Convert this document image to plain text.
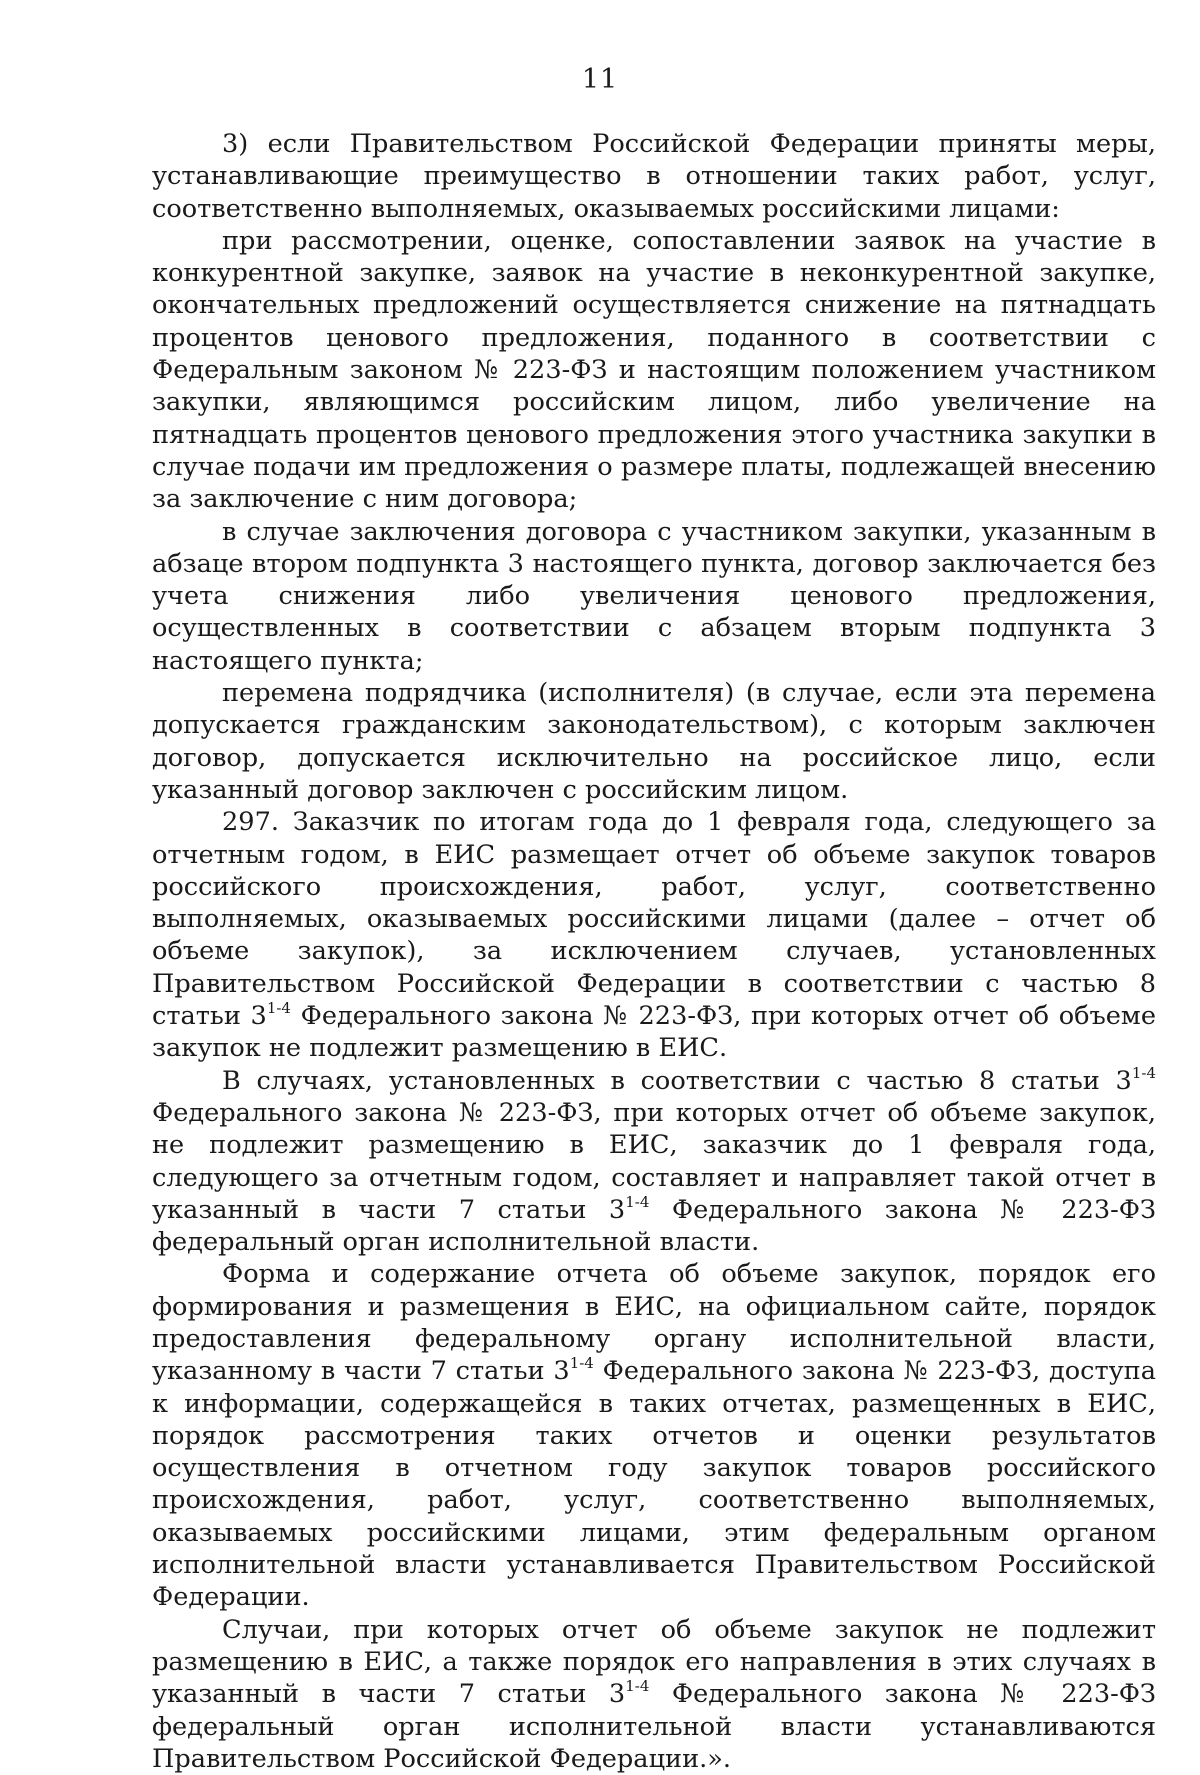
11

3) если Правительством Российской Федерации приняты меры, устанавливающие преимущество в отношении таких работ, услуг, соответственно выполняемых, оказываемых российскими лицами:

при рассмотрении, оценке, сопоставлении заявок на участие в конкурентной закупке, заявок на участие в неконкурентной закупке, окончательных предложений осуществляется снижение на пятнадцать процентов ценового предложения, поданного в соответствии с Федеральным законом № 223-ФЗ и настоящим положением участником закупки, являющимся российским лицом, либо увеличение на пятнадцать процентов ценового предложения этого участника закупки в случае подачи им предложения о размере платы, подлежащей внесению за заключение с ним договора;

в случае заключения договора с участником закупки, указанным в абзаце втором подпункта 3 настоящего пункта, договор заключается без учета снижения либо увеличения ценового предложения, осуществленных в соответствии с абзацем вторым подпункта 3 настоящего пункта;

перемена подрядчика (исполнителя) (в случае, если эта перемена допускается гражданским законодательством), с которым заключен договор, допускается исключительно на российское лицо, если указанный договор заключен с российским лицом.

297. Заказчик по итогам года до 1 февраля года, следующего за отчетным годом, в ЕИС размещает отчет об объеме закупок товаров российского происхождения, работ, услуг, соответственно выполняемых, оказываемых российскими лицами (далее – отчет об объеме закупок), за исключением случаев, установленных Правительством Российской Федерации в соответствии с частью 8 статьи 3$^{1-4}$ Федерального закона № 223-ФЗ, при которых отчет об объеме закупок не подлежит размещению в ЕИС.

В случаях, установленных в соответствии с частью 8 статьи 3$^{1-4}$ Федерального закона № 223-ФЗ, при которых отчет об объеме закупок, не подлежит размещению в ЕИС, заказчик до 1 февраля года, следующего за отчетным годом, составляет и направляет такой отчет в указанный в части 7 статьи 3$^{1-4}$ Федерального закона № 223-ФЗ федеральный орган исполнительной власти.

Форма и содержание отчета об объеме закупок, порядок его формирования и размещения в ЕИС, на официальном сайте, порядок предоставления федеральному органу исполнительной власти, указанному в части 7 статьи 3$^{1-4}$ Федерального закона № 223-ФЗ, доступа к информации, содержащейся в таких отчетах, размещенных в ЕИС, порядок рассмотрения таких отчетов и оценки результатов осуществления в отчетном году закупок товаров российского происхождения, работ, услуг, соответственно выполняемых, оказываемых российскими лицами, этим федеральным органом исполнительной власти устанавливается Правительством Российской Федерации.

Случаи, при которых отчет об объеме закупок не подлежит размещению в ЕИС, а также порядок его направления в этих случаях в указанный в части 7 статьи 3$^{1-4}$ Федерального закона № 223-ФЗ федеральный орган исполнительной власти устанавливаются Правительством Российской Федерации.».
